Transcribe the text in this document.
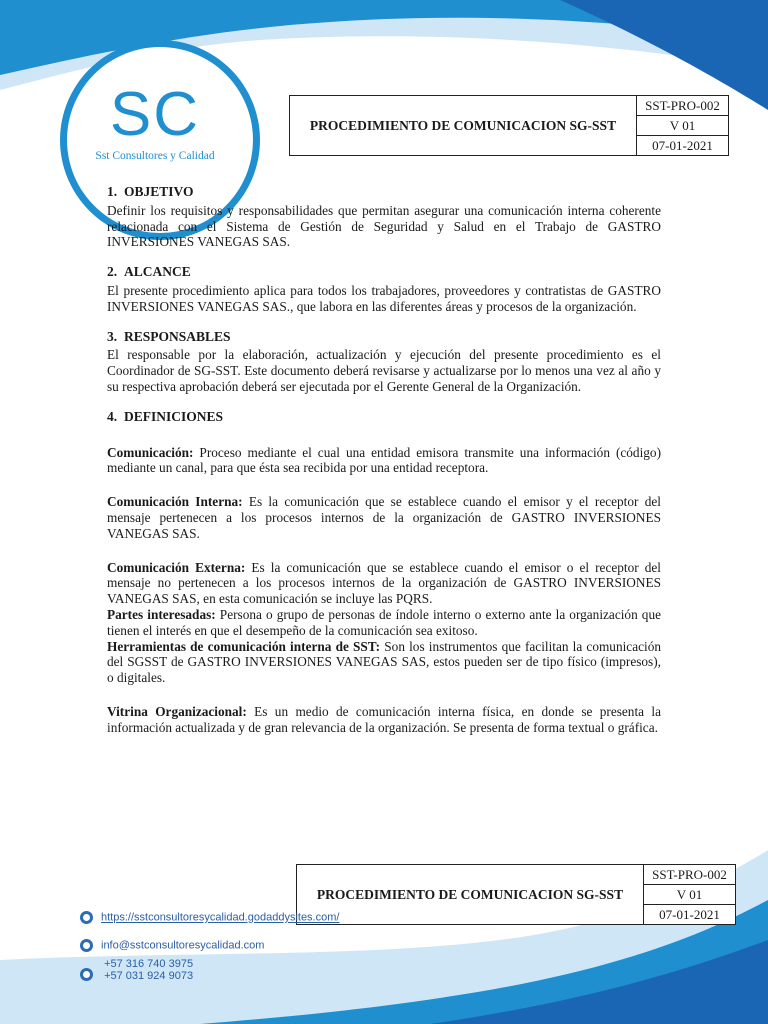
SC
Sst Consultores y Calidad
PROCEDIMIENTO DE COMUNICACION SG-SST	SST-PRO-002
V 01
07-01-2021
1. OBJETIVO

Definir los requisitos y responsabilidades que permitan asegurar una comunicación interna coherente relacionada con el Sistema de Gestión de Seguridad y Salud en el Trabajo de GASTRO INVERSIONES VANEGAS SAS.

2. ALCANCE

El presente procedimiento aplica para todos los trabajadores, proveedores y contratistas de GASTRO INVERSIONES VANEGAS SAS., que labora en las diferentes áreas y procesos de la organización.

3. RESPONSABLES

El responsable por la elaboración, actualización y ejecución del presente procedimiento es el Coordinador de SG-SST. Este documento deberá revisarse y actualizarse por lo menos una vez al año y su respectiva aprobación deberá ser ejecutada por el Gerente General de la Organización.

4. DEFINICIONES

Comunicación: Proceso mediante el cual una entidad emisora transmite una información (código) mediante un canal, para que ésta sea recibida por una entidad receptora.

Comunicación Interna: Es la comunicación que se establece cuando el emisor y el receptor del mensaje pertenecen a los procesos internos de la organización de GASTRO INVERSIONES VANEGAS SAS.

Comunicación Externa: Es la comunicación que se establece cuando el emisor o el receptor del mensaje no pertenecen a los procesos internos de la organización de GASTRO INVERSIONES VANEGAS SAS, en esta comunicación se incluye las PQRS.

Partes interesadas: Persona o grupo de personas de índole interno o externo ante la organización que tienen el interés en que el desempeño de la comunicación sea exitoso.

Herramientas de comunicación interna de SST: Son los instrumentos que facilitan la comunicación del SGSST de GASTRO INVERSIONES VANEGAS SAS, estos pueden ser de tipo físico (impresos), o digitales.

Vitrina Organizacional: Es un medio de comunicación interna física, en donde se presenta la información actualizada y de gran relevancia de la organización. Se presenta de forma textual o gráfica.

PROCEDIMIENTO DE COMUNICACION SG-SST	SST-PRO-002
V 01
07-01-2021
https://sstconsultoresycalidad.godaddysites.com/
info@sstconsultoresycalidad.com
+57 316 740 3975
+57 031 924 9073
